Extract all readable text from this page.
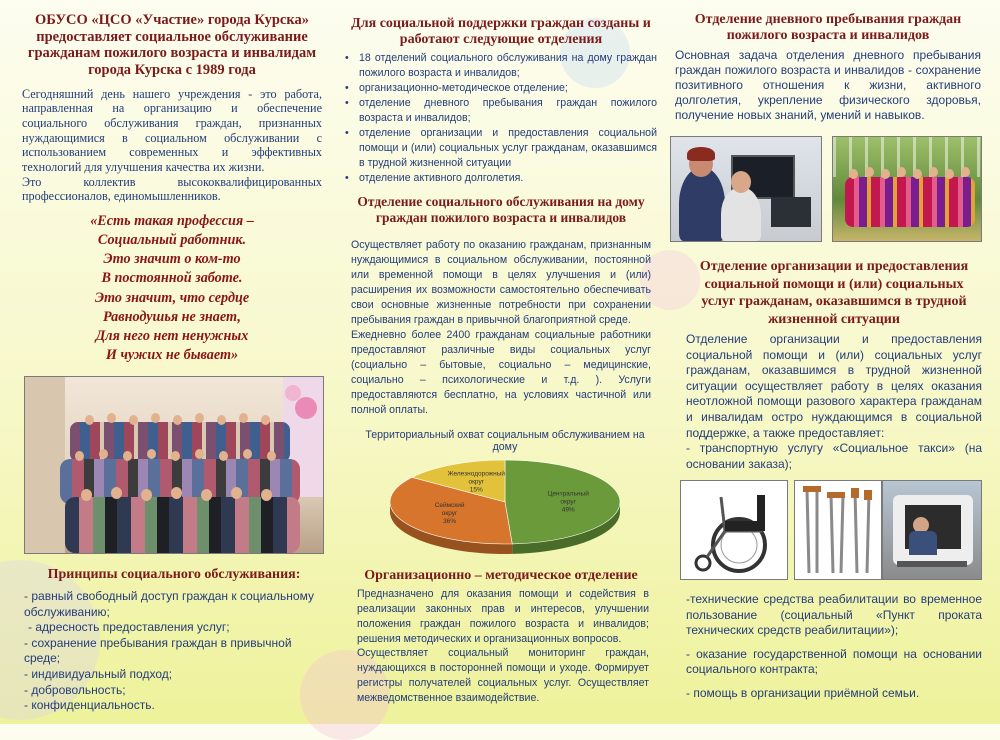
ОБУСО «ЦСО «Участие» города Курска» предоставляет социальное обслуживание гражданам пожилого возраста и инвалидам города Курска с 1989 года

Сегодняшний день нашего учреждения - это работа, направленная на организацию и обеспечение социального обслуживания граждан, признанных нуждающимися в социальном обслуживании с использованием современных и эффективных технологий для улучшения качества их жизни.

Это коллектив высококвалифицированных профессионалов, единомышленников.

«Есть такая профессия –
Социальный работник.
Это значит о ком-то
В постоянной заботе.
Это значит, что сердце
Равнодушья не знает,
Для него нет ненужных
И чужих не бывает»
Принципы социального обслуживания:
- равный свободный доступ граждан к социальному обслуживанию;
- адресность предоставления услуг;
- сохранение пребывания граждан в привычной среде;
- индивидуальный подход;
- добровольность;
- конфиденциальность.
Для социальной поддержки граждан созданы и работают следующие отделения
• 18 отделений социального обслуживания на дому граждан пожилого возраста и инвалидов;
• организационно-методическое отделение;
• отделение дневного пребывания граждан пожилого возраста и инвалидов;
• отделение организации и предоставления социальной помощи и (или) социальных услуг гражданам, оказавшимся в трудной жизненной ситуации
• отделение активного долголетия.
Отделение социального обслуживания на дому граждан пожилого возраста и инвалидов

Осуществляет работу по оказанию гражданам, признанным нуждающимися в социальном обслуживании, постоянной или временной помощи в целях улучшения и (или) расширения их возможности самостоятельно обеспечивать свои основные жизненные потребности при сохранении пребывания граждан в привычной благоприятной среде.

Ежедневно более 2400 гражданам социальные работники предоставляют различные виды социальных услуг (социально – бытовые, социально – медицинские, социально – психологические и т.д. ). Услуги предоставляются бесплатно, на условиях частичной или полной оплаты.

Территориальный охват социальным обслуживанием на дому
Центральный
округ
49%
Сеймский
округ
36%
Железнодорожный
округ
15%
Организационно – методическое отделение

Предназначено для оказания помощи и содействия в реализации законных прав и интересов, улучшении положения граждан пожилого возраста и инвалидов; решения методических и организационных вопросов.

Осуществляет социальный мониторинг граждан, нуждающихся в посторонней помощи и уходе. Формирует регистры получателей социальных услуг. Осуществляет межведомственное взаимодействие.

Отделение дневного пребывания граждан пожилого возраста и инвалидов

Основная задача отделения дневного пребывания граждан пожилого возраста и инвалидов - сохранение позитивного отношения к жизни, активного долголетия, укрепление физического здоровья, получение новых знаний, умений и навыков.

Отделение организации и предоставления социальной помощи и (или) социальных услуг гражданам, оказавшимся в трудной жизненной ситуации

Отделение организации и предоставления социальной помощи и (или) социальных услуг гражданам, оказавшимся в трудной жизненной ситуации осуществляет работу в целях оказания неотложной помощи разового характера гражданам и инвалидам остро нуждающимся в социальной поддержке, а также предоставляет:

- транспортную услугу «Социальное такси» (на основании заказа);
-технические средства реабилитации во временное пользование (социальный «Пункт проката технических средств реабилитации»);
- оказание государственной помощи на основании социального контракта;
- помощь в организации приёмной семьи.
